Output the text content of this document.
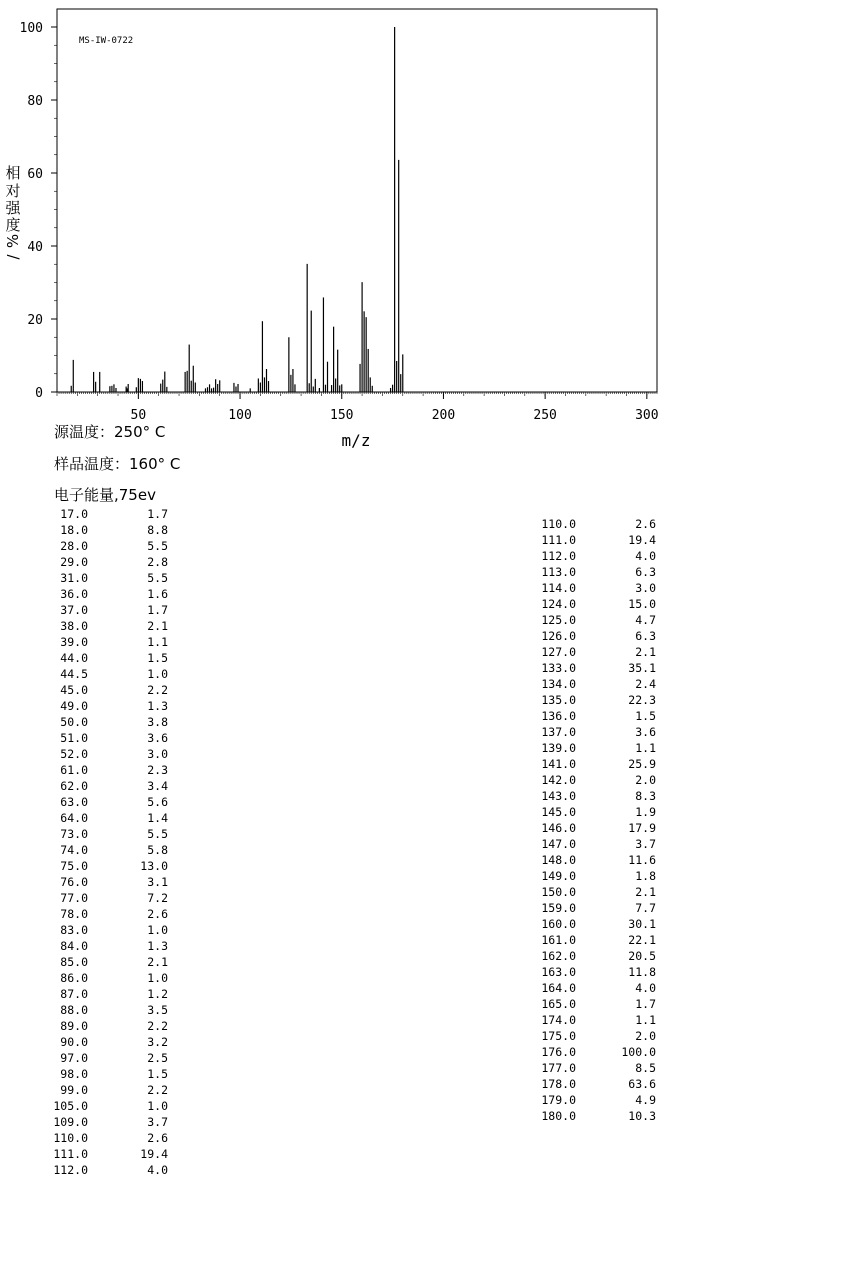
50	100	150	200	250	300
0
20
40
60
80
100
MS-IW-0722
m/z
相
对
强
度
%
/
源温度：250° C
样品温度：160° C
电子能量,75ev
17.0	1.7
18.0	8.8
28.0	5.5
29.0	2.8
31.0	5.5
36.0	1.6
37.0	1.7
38.0	2.1
39.0	1.1
44.0	1.5
44.5	1.0
45.0	2.2
49.0	1.3
50.0	3.8
51.0	3.6
52.0	3.0
61.0	2.3
62.0	3.4
63.0	5.6
64.0	1.4
73.0	5.5
74.0	5.8
75.0	13.0
76.0	3.1
77.0	7.2
78.0	2.6
83.0	1.0
84.0	1.3
85.0	2.1
86.0	1.0
87.0	1.2
88.0	3.5
89.0	2.2
90.0	3.2
97.0	2.5
98.0	1.5
99.0	2.2
105.0	1.0
109.0	3.7
110.0	2.6
111.0	19.4
112.0	4.0
110.0	2.6
111.0	19.4
112.0	4.0
113.0	6.3
114.0	3.0
124.0	15.0
125.0	4.7
126.0	6.3
127.0	2.1
133.0	35.1
134.0	2.4
135.0	22.3
136.0	1.5
137.0	3.6
139.0	1.1
141.0	25.9
142.0	2.0
143.0	8.3
145.0	1.9
146.0	17.9
147.0	3.7
148.0	11.6
149.0	1.8
150.0	2.1
159.0	7.7
160.0	30.1
161.0	22.1
162.0	20.5
163.0	11.8
164.0	4.0
165.0	1.7
174.0	1.1
175.0	2.0
176.0	100.0
177.0	8.5
178.0	63.6
179.0	4.9
180.0	10.3
